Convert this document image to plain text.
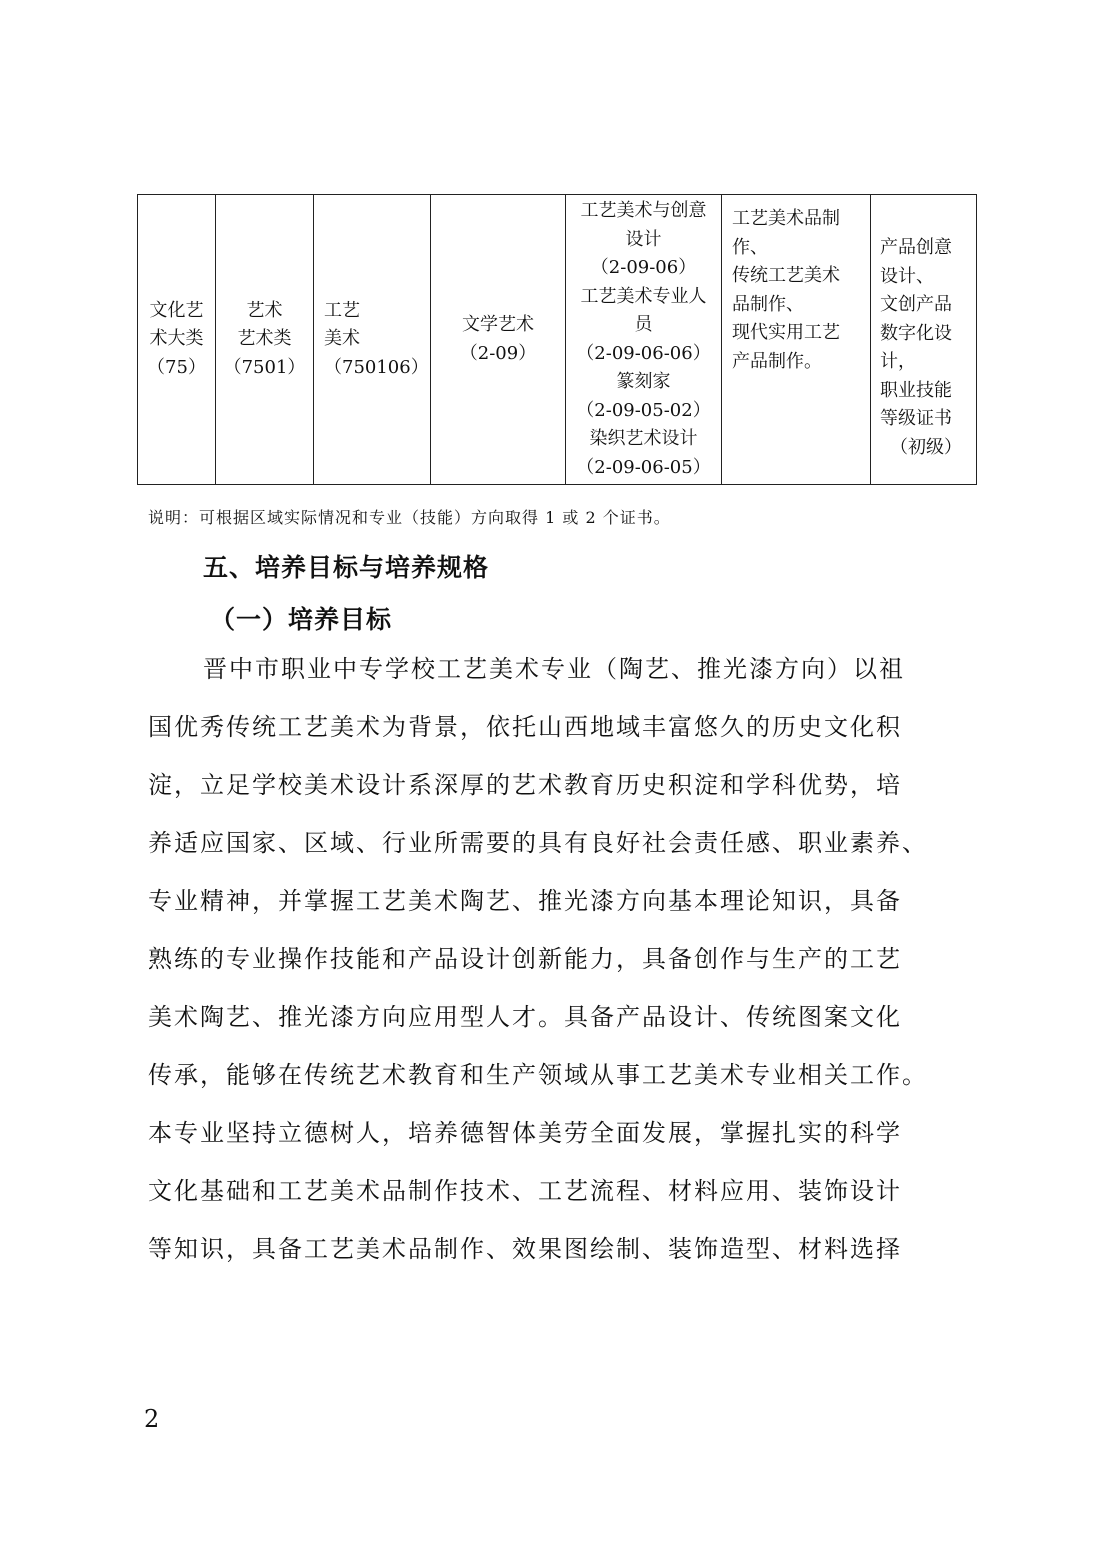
文化艺
术大类
（75）

艺术
艺术类
（7501）

工艺
美术
（750106）

文学艺术
（2-09）

工艺美术与创意
设计
（2-09-06）
工艺美术专业人
员
（2-09-06-06）
篆刻家
（2-09-05-02）
染织艺术设计
（2-09-06-05）

工艺美术品制
作、
传统工艺美术
品制作、
现代实用工艺
产品制作。

产品创意
设计、
文创产品
数字化设
计，
职业技能
等级证书
（初级）
说明：可根据区域实际情况和专业（技能）方向取得 1 或 2 个证书。
五、培养目标与培养规格
（一）培养目标
晋中市职业中专学校工艺美术专业（陶艺、推光漆方向）以祖
国优秀传统工艺美术为背景，依托山西地域丰富悠久的历史文化积
淀，立足学校美术设计系深厚的艺术教育历史积淀和学科优势，培
养适应国家、区域、行业所需要的具有良好社会责任感、职业素养、
专业精神，并掌握工艺美术陶艺、推光漆方向基本理论知识，具备
熟练的专业操作技能和产品设计创新能力，具备创作与生产的工艺
美术陶艺、推光漆方向应用型人才。具备产品设计、传统图案文化
传承，能够在传统艺术教育和生产领域从事工艺美术专业相关工作。
本专业坚持立德树人，培养德智体美劳全面发展，掌握扎实的科学
文化基础和工艺美术品制作技术、工艺流程、材料应用、装饰设计
等知识，具备工艺美术品制作、效果图绘制、装饰造型、材料选择
2
